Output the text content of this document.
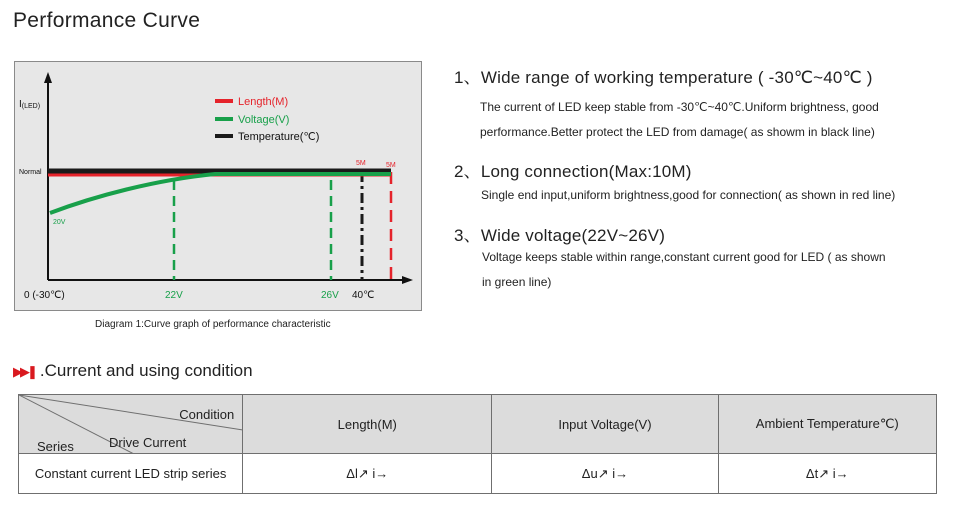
Performance Curve
I(LED)
Normal
20V
5M	5M
0 (-30℃)	22V	26V 40℃
Length(M)
Voltage(V)
Temperature(℃)
Diagram 1:Curve graph of performance characteristic
1、Wide range of working temperature ( -30℃~40℃ )
The current of LED keep stable from -30℃~40℃.Uniform brightness, good
performance.Better protect the LED from damage( as showm in black line)
2、Long connection(Max:10M)
Single end input,uniform brightness,good for connection( as shown in red line)
3、Wide voltage(22V~26V)
Voltage keeps stable within range,constant current good for LED ( as shown
in green line)
▶▶❚ .Current and using condition
Condition
Drive Current
Series	Length(M)	Input Voltage(V)	Ambient Temperature℃)
Constant current LED strip series	Δl↗ i→	Δu↗ i→	Δt↗ i→
